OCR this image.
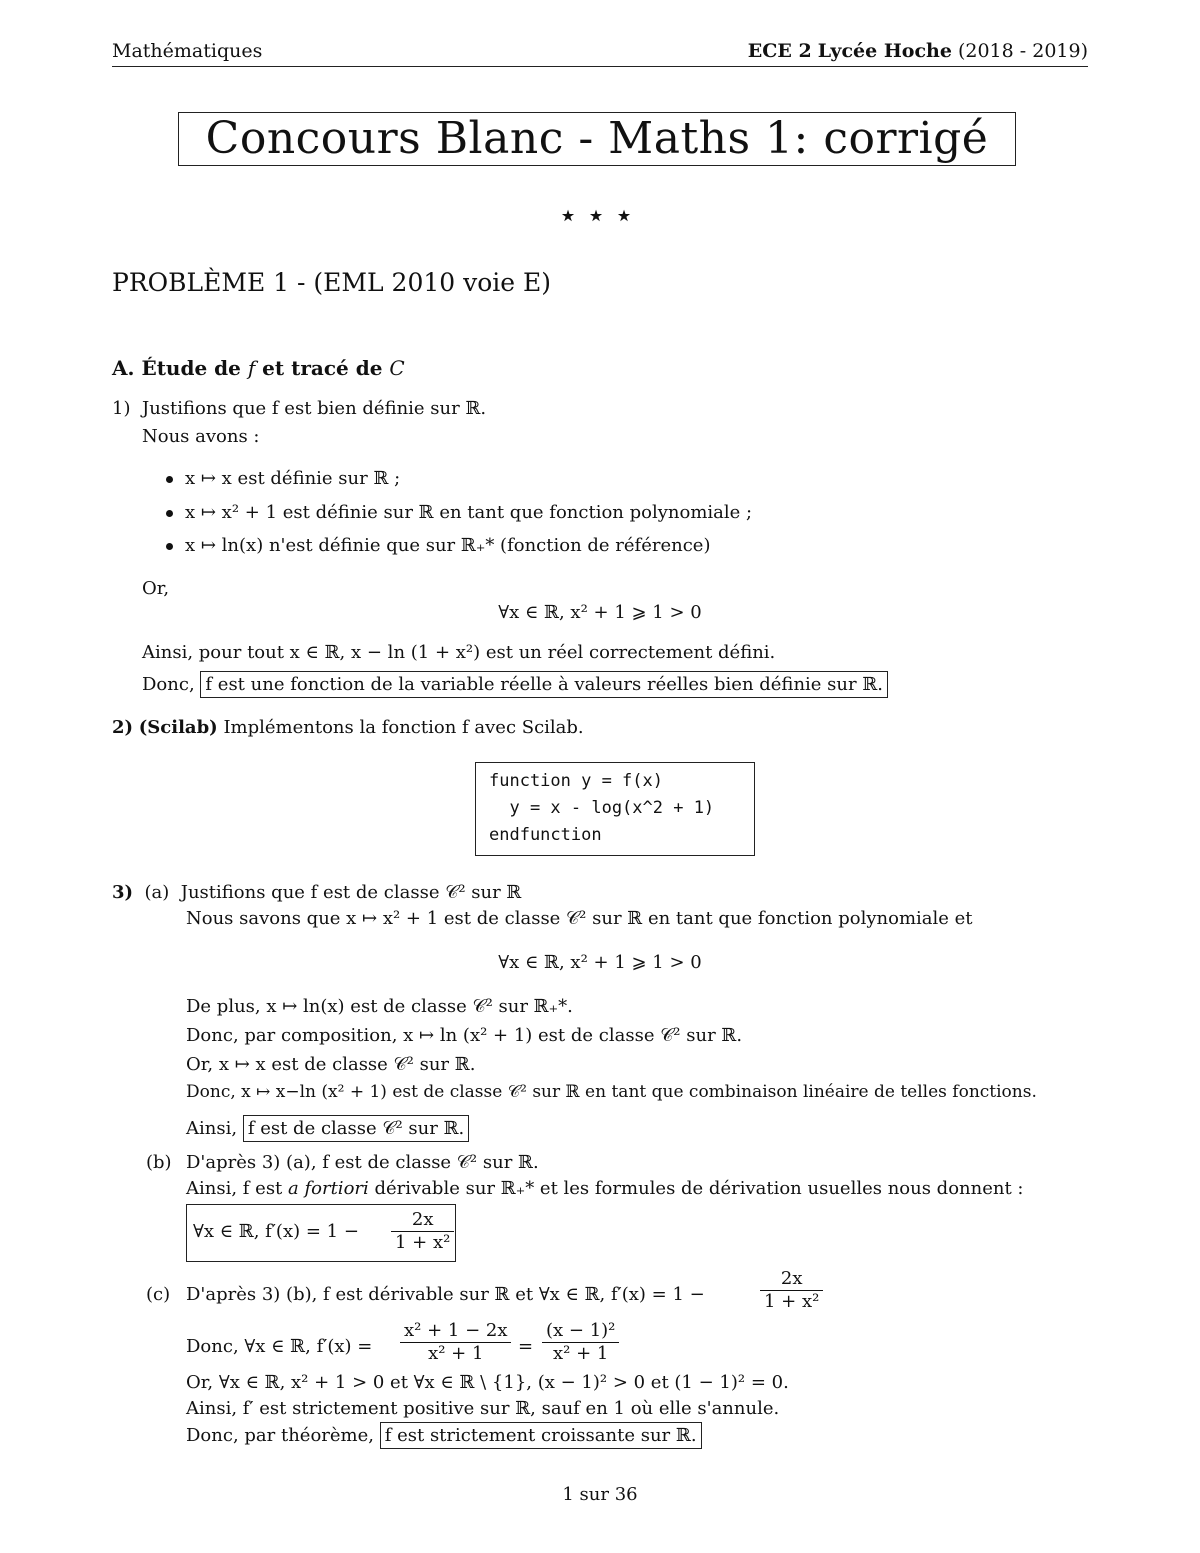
Mathématiques	ECE 2 Lycée Hoche (2018 - 2019)
Concours Blanc - Maths 1: corrigé
⋆⋆⋆
PROBLÈME 1 - (EML 2010 voie E)
A. Étude de f et tracé de C
1) Justifions que f est bien définie sur ℝ.
Nous avons :
x ↦ x est définie sur ℝ ;
x ↦ x² + 1 est définie sur ℝ en tant que fonction polynomiale ;
x ↦ ln(x) n'est définie que sur ℝ₊* (fonction de référence)
Or,
∀x ∈ ℝ, x² + 1 ⩾ 1 > 0
Ainsi, pour tout x ∈ ℝ, x − ln (1 + x²) est un réel correctement défini.
Donc, f est une fonction de la variable réelle à valeurs réelles bien définie sur ℝ.
2) (Scilab) Implémentons la fonction f avec Scilab.
function y = f(x)
y = x - log(x^2 + 1)
endfunction
3) (a) Justifions que f est de classe 𝒞² sur ℝ
Nous savons que x ↦ x² + 1 est de classe 𝒞² sur ℝ en tant que fonction polynomiale et
∀x ∈ ℝ, x² + 1 ⩾ 1 > 0
De plus, x ↦ ln(x) est de classe 𝒞² sur ℝ₊*.
Donc, par composition, x ↦ ln (x² + 1) est de classe 𝒞² sur ℝ.
Or, x ↦ x est de classe 𝒞² sur ℝ.
Donc, x ↦ x−ln (x² + 1) est de classe 𝒞² sur ℝ en tant que combinaison linéaire de telles fonctions.
Ainsi, f est de classe 𝒞² sur ℝ.
(b) D'après 3) (a), f est de classe 𝒞² sur ℝ.
Ainsi, f est a fortiori dérivable sur ℝ₊* et les formules de dérivation usuelles nous donnent :
∀x ∈ ℝ, $f'(x) = 1 - \frac{2x}{\text{1 + x²}}$
(c) D'après 3) (b), f est dérivable sur ℝ et ∀x ∈ ℝ, f′(x) = 1 −	$\frac{2x}{\text{1 + x²}}$
Donc, ∀x ∈ ℝ, $f'(x) = \frac{\text{x² + 1 − 2x}}{\text{x² + 1}} = \frac{\text{(x − 1)²}}{\text{x² + 1}}$
Or, ∀x ∈ ℝ, x² + 1 > 0 et ∀x ∈ ℝ \ {1}, (x − 1)² > 0 et (1 − 1)² = 0.
Ainsi, f′ est strictement positive sur ℝ, sauf en 1 où elle s'annule.
Donc, par théorème, f est strictement croissante sur ℝ.
1 sur 36
